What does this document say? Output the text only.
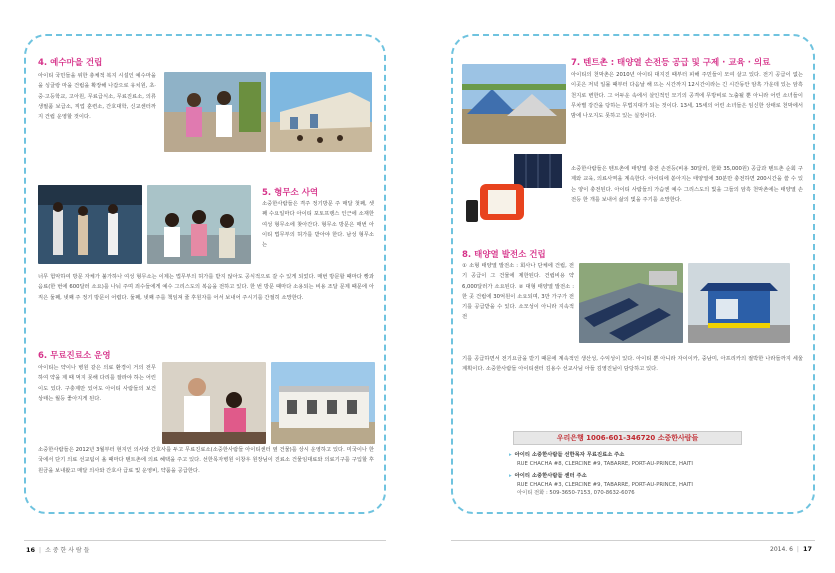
4. 예수마을 건립
아이티 국민들을 위한 총체적 복지 시설인 예수마을을 싱글랑 마을 건립을 확장해 나갑으로 유치원, 초·중·고등학교, 고아원, 무료급식소, 무료진료소, 의류 생필품 보급소, 직업 훈련소, 간호대학, 신교센터까지 건립 운영할 것이다.
5. 형무소 사역
소중한사람들은 격주 정기방문 주 매달 첫째, 셋째 수요일마다 아이티 포토프랭스 인근에 소재한 여성 형무소에 찾아간다. 형무소 방문은 매번 아이티 법무부의 허가를 받아야 한다. 남성 형무소는
너무 험악하여 방문 자체가 불가하나 여성 형무소는 이제는 법무부의 허가를 받지 않아도 공식적으로 갈 수 있게 되었다. 매번 방문할 때마다 빵과 음료(한 번에 600달러 소요)를 나눠 주며 죄수들에게 예수 그리스도의 복음을 전하고 있다. 한 번 방문 때마다 소용되는 비용 조달 문제 때문에 아직은 둘째, 넷째 주 정기 방문이 어렵다. 둘째, 넷째 주를 책임져 줄 후원자를 어서 보내어 주시기를 간절히 소망한다.
6. 무료진료소 운영
아이티는 약이나 병원 같은 의료 환경이 거의 전무하여 약을 제 때 먹지 못해 다리를 잘라야 하는 어린이도 있다. 구충제만 있어도 아이티 사람들의 보건 상태는 월등 좋아지게 된다.
소중한사람들은 2012년 3월부터 현지인 의사와 간호사를 두고 무료진료소(소중한사람들 아이티센터 옆 건물)를 상시 운영하고 있다. 미국이나 한국에서 단기 의료 선교팀이 올 때마다 텐트촌에 의료 혜택을 주고 있다. 선한목자병원 이창우 원장님이 진료소 건물임대료와 의료기구를 구입할 후원금을 보내왔고 매달 의사와 간호사 급료 및 운영비, 약품을 공급한다.
7. 텐트촌 : 태양열 손전등 공급 및 구제 · 교육 · 의료
아이티의 천막촌은 2010년 아이티 대지진 때부터 피해 주민들이 모여 살고 있다. 전기 공급이 없는 이곳은 저녁 일몰 때부터 다음날 해 뜨는 시간까지 12시간이라는 긴 시간동안 암흑 가운데 있는 암흑 천지로 변한다. 그 어두운 속에서 살인적인 모기의 공격에 무방비로 노출될 뿐 아니라 어린 소녀들이 무차별 강간을 당하는 무법지대가 되는 것이다. 13세, 15세의 어린 소녀들은 임신한 상태로 천막에서 밤에 나오지도 못하고 있는 실정이다.
소중한사람들은 텐트촌에 태양열 충전 손전등(비용 30달러, 한화 35,000원) 공급과 텐트촌 순회 구제와 교육, 의료사역을 계속한다. 아이티에 쏟아지는 태양열에 30분만 충전하면 200시간을 쓸 수 있는 양이 충전된다. 아이티 사람들의 가슴엔 예수 그리스도의 빛을 그들의 암흑 천막촌에는 태양열 손전등 한 개를 보내어 삶의 빛을 주기를 소망한다.
8. 태양열 발전소 건립
① 소형 태양열 발전소 : 회사나 단체에 건립, 전기 공급이 그 건물에 제한된다. 건립비용 약 6,000달러가 소요된다. ② 대형 태양열 발전소 : 한 곳 건립에 30억원이 소요되며, 3만 가구가 전기를 공급받을 수 있다. 소모성이 아니라 지속적 전
기를 공급하면서 전기요금을 받기 때문에 계속적인 생산성, 수익성이 있다. 아이티 뿐 아니라 자이이카, 중남미, 아프리카의 절박한 나라들까지 세울 계획이다. 소중한사람들 아이티센터 김용수 선교사님 아들 김영진님이 담당하고 있다.
우리은행 1006-601-346720 소중한사람들
▸ 아이티 소중한사람들 선한목자 무료진료소 주소
RUE CHACHA #8, CLERCINE #9, TABARRE, PORT-AU-PRINCE, HAITI
▸ 아이티 소중한사람들 센터 주소
RUE CHACHA #3, CLERCINE #9, TABARRE, PORT-AU-PRINCE, HAITI
아이티 전화 : 509-3650-7153, 070-8632-6076
16 | 소 중 한 사 람 들	2014. 6 | 17
